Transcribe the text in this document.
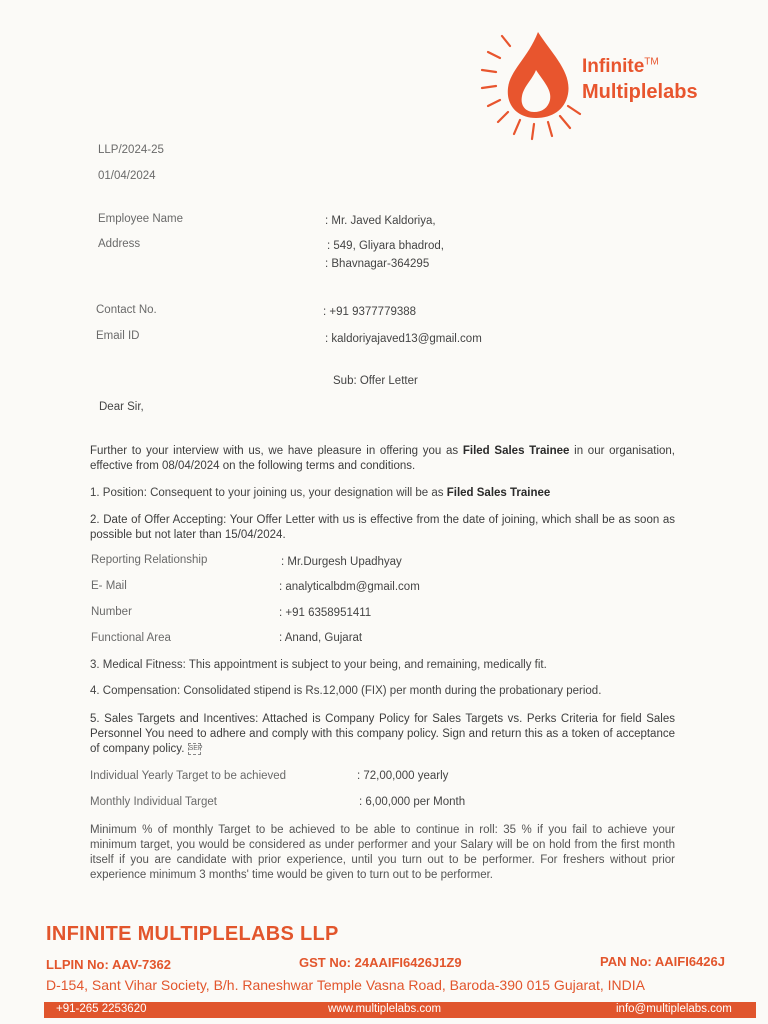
Infinite™
Multiplelabs
LLP/2024-25
01/04/2024
Employee Name	: Mr. Javed Kaldoriya,
Address	: 549, Gliyara bhadrod,
: Bhavnagar-364295
Contact No.	: +91 9377779388
Email ID	: kaldoriyajaved13@gmail.com
Sub: Offer Letter
Dear Sir,
Further to your interview with us, we have pleasure in offering you as Filed Sales Trainee in our organisation, effective from 08/04/2024 on the following terms and conditions.
1. Position: Consequent to your joining us, your designation will be as Filed Sales Trainee
2. Date of Offer Accepting: Your Offer Letter with us is effective from the date of joining, which shall be as soon as possible but not later than 15/04/2024.
Reporting Relationship	: Mr.Durgesh Upadhyay
E- Mail	: analyticalbdm@gmail.com
Number	: +91 6358951411
Functional Area	: Anand, Gujarat
3. Medical Fitness: This appointment is subject to your being, and remaining, medically fit.
4. Compensation: Consolidated stipend is Rs.12,000 (FIX) per month during the probationary period.
5. Sales Targets and Incentives: Attached is Company Policy for Sales Targets vs. Perks Criteria for field Sales Personnel You need to adhere and comply with this company policy. Sign and return this as a token of acceptance of company policy. SEP
Individual Yearly Target to be achieved	: 72,00,000 yearly
Monthly Individual Target	: 6,00,000 per Month
Minimum % of monthly Target to be achieved to be able to continue in roll: 35 % if you fail to achieve your minimum target, you would be considered as under performer and your Salary will be on hold from the first month itself if you are candidate with prior experience, until you turn out to be performer. For freshers without prior experience minimum 3 months' time would be given to turn out to be performer.
INFINITE MULTIPLELABS LLP
LLPIN No: AAV-7362	GST No: 24AAIFI6426J1Z9	PAN No: AAIFI6426J
D-154, Sant Vihar Society, B/h. Raneshwar Temple Vasna Road, Baroda-390 015 Gujarat, INDIA
+91-265 2253620	www.multiplelabs.com	info@multiplelabs.com
